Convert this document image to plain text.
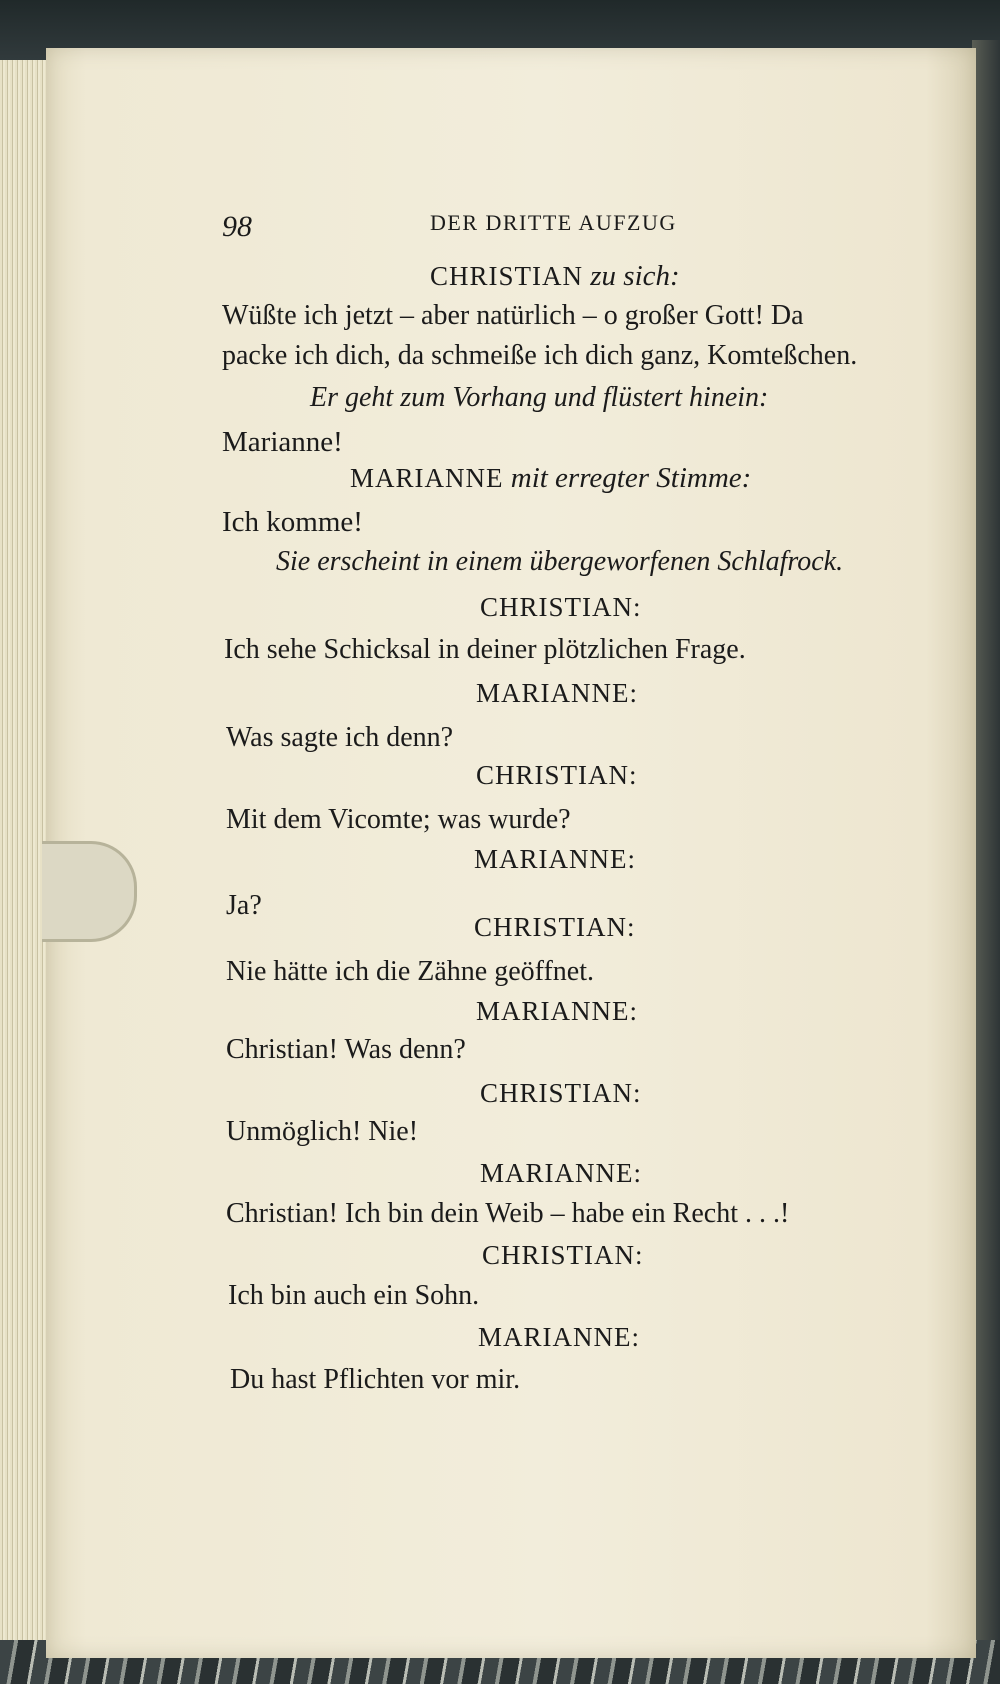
98	DER DRITTE AUFZUG
CHRISTIAN zu sich:
Wüßte ich jetzt – aber natürlich – o großer Gott! Da
packe ich dich, da schmeiße ich dich ganz, Komteßchen.
Er geht zum Vorhang und flüstert hinein:
Marianne!
MARIANNE mit erregter Stimme:
Ich komme!
Sie erscheint in einem übergeworfenen Schlafrock.
CHRISTIAN:
Ich sehe Schicksal in deiner plötzlichen Frage.
MARIANNE:
Was sagte ich denn?
CHRISTIAN:
Mit dem Vicomte; was wurde?
MARIANNE:
Ja?
CHRISTIAN:
Nie hätte ich die Zähne geöffnet.
MARIANNE:
Christian! Was denn?
CHRISTIAN:
Unmöglich! Nie!
MARIANNE:
Christian! Ich bin dein Weib – habe ein Recht . . .!
CHRISTIAN:
Ich bin auch ein Sohn.
MARIANNE:
Du hast Pflichten vor mir.
